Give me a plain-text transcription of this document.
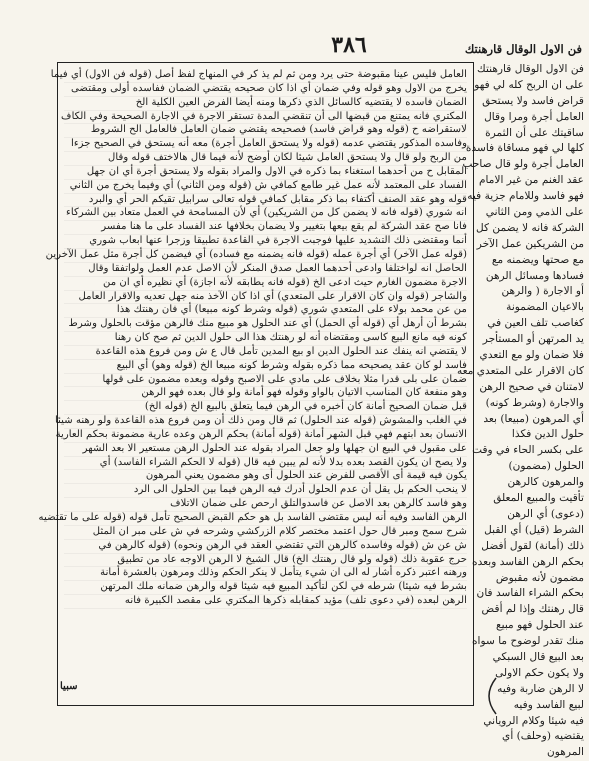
٣٨٦	فن الاول الوقال قارهنتك
العامل فليس عينا مقبوضة حتى يرد ومن ثم لم يذ كر في المنهاج لفظ أصل (قوله فن الاول) أي فيما
يخرج من الاول وهو قوله وفي ضمان أي اذا كان صحيحه يقتضي الضمان ففاسده أولى ومقتضى
الضمان فاسده لا يقتضيه كالسائل الذي ذكرها ومنه أيضا الفرض العين الكلية الخ
المكتري فانه يمتنع من قبضها الى أن تنقضي المدة تستقر الاجرة في الاجارة الصحيحة وفي الكاف
لاستقراضه ح (قوله وهو قراض فاسد) فصحيحه يقتضي ضمان العامل فالعامل الح الشروط
وفاسده المذكور يقتضي عدمه (قوله ولا يستحق العامل أجرة) معه أنه يستحق في الصحيح جزءا
من الربح ولو قال ولا يستحق العامل شيئا لكان أوضح لأنه فيما قال هالاختف قوله وقال
المقابل ح من أحدهما استغناء بما ذكره في الاول والمراد بقوله ولا يستحق أجرة أي ان جهل
الفساد على المعتمد لأنه عمل غير طامع كمافي ش (قوله ومن الثاني) أي وفيما يخرج من الثاني
قوله وهو عقد الصنف أكتفاء بما ذكر مقابل كمافي قوله تعالى سرابيل تقيكم الحر أي والبرد
انه شوري (قوله فانه لا يضمن كل من الشريكين) أي لأن المسامحة في العمل متعاد بين الشركاء
فانا صح عقد الشركة لم يقع بيعها بتغيير ولا يضمان بخلافها عند الفساد على ما هنا مفسر
أنما ومقتضى ذلك التشديد عليها فوجبت الاجرة في القاعدة تطبيقا وزجرا عنها ابعاب شوري
(قوله عمل الآخر) أي أجرة عمله (قوله فانه يضمنه مع فساده) أي فيضمن كل أجرة مثل عمل الآخرين
الحاصل انه لواختلفا وادعى أحدهما العمل صدق المنكر لأن الاصل عدم العمل ولواتفقا وقال
الاجرة مضمون الغارم حيث ادعى الخ (قوله فانه يطابقه لأنه اجازة) أي نظيره أي ان من
والشاجر (قوله وان كان الاقرار على المتعدي) أي اذا كان الآخذ منه جهل تعديه والاقرار العامل
من عن محمد بولاء على المتعدي شوري (قوله وشرط كونه مبيعا) أي فان رهنتك هذا
بشرط أن أرهل أي (قوله أي الحمل) أي عند الحلول هو مبيع منك فالرهن مؤقت بالحلول وشرط
كونه فيه مانع البيع كاسى ومقتضاه أنه لو رهنتك هذا الى حلول الدين ثم صح كان رهنا
لا يقتضي انه ينفك عند الحلول الدين او بيع المدين تأمل قال ع ش ومن فروع هذه القاعدة
فاسد لو كان عقد يصحيحه مما ذكره بقوله وشرط كونه مبيعا الخ (قوله وهو) أي البيع
ضمان على بلى قدرا مثلا بخلاف على مادي على الاصبح وقوله وبعده مضمون على قولها
وهو منفعة كان المناسب الاتيان بالواو وقوله فهو أمانة ولو قال بعده فهو الرهن
قبل ضمان الصحيح أمانة كان أخبره في الرهن فيما يتعلق بالبيع الخ (قوله الخ)
في الغلب والمشوش (قوله عند الحلول) ثم قال ومن ذلك أن ومن فروع هذه القاعدة ولو رهنه شيئا
الانسان بعد ابتهم فهي قبل الشهر أمانة (قوله أمانة) بحكم الرهن وعده عارية مضمونة بحكم العارية
على مقبول في البيع ان جهلها ولو جعل المراد بقوله عند الحلول الرهن مستعير الا بعد الشهر
ولا يصح ان يكون القصد بعده بدلا لأنه لم يبين فيه قال (قوله لا الحكم الشراء الفاسد) أي
يكون فيه قيمة أى الأقصى للفرض عند الحلول أى وهو مضمون يعني المرهون
لا ينحب الحكم بل يقل أن عدم الحلول أدرك فيه الرهن فيما بين الحلول الى الرد
وهو فاسد كالرهن بعد الاصل عن فاسدوالتلق ارحص على ضمان الاتلاف
الرهن الفاسد وفيه أنه ليس مقتضى الفاسد بل هو حكم القبض الصحيح تأمل قوله (قوله على ما تقتضيه
شرح سمح ومبر قال حول اعتمد مختصر كلام الزركشي وشرحه في ش على مبر ان المثل
ش عن ش (قوله وفاسده كالرهن التي تقتضي العقد في الرهن ونحوه) (قوله كالرهن في
حرج عقوبة ذلك (قوله ولو قال رهنتك الخ) قال الشيخ لا الرهن الاوجه عاد من تطبيق
ورهنه اعتبر ذكره أشار له الى ان شيء يتأمل لا ينكر الحكم وذلك ومرهون بالعشرة أمانة
بشرط فيه شيئا) شرطه في لكن لتأكيد المبيع فيه شيئا قوله والرهن ضمانه ملك المرتهن
الرهن لبعده (في دعوى تلف) مؤيد كمقابله ذكرها المكتري على مقصد الكبيرة فانه
فن الاول الوقال قارهنتك
على ان الربح كله لي فهو
قراض فاسد ولا يستحق
العامل أجرة ومرا وقال
ساقيتك على أن الثمرة
كلها لي فهو مساقاة فاسدة
العامل أجرة ولو قال صاحب
عقد الغنم من غير الامام
فهو فاسد وللامام جزية فيه
على الذمي ومن الثاني
الشركة فانه لا يضمن كل
من الشريكين عمل الآخر
مع صحتها ويضمنه مع
فسادها ومسائل الرهن
أو الاجارة ( والرهن
بالاعيان المضمونة
كغاصب تلف العين في
يد المرتهن أو المستأجر
فلا ضمان ولو مع التعدي
كان الاقرار على المتعدي معه
لامتنان في صحيح الرهن
والاجارة (وشرط كونه)
أي المرهون (مبيعا) بعد
حلول الدين فكذا
على بكسر الحاء في وقت
الحلول (مضمون)
والمرهون كالرهن
تأقيت والمبيع المعلق
(دعوى) أي الرهن
الشرط (قيل) أي القبل
ذلك (أمانة) لقول أفضل
بحكم الرهن الفاسد وبعده
مضمون لأنه مقبوض
بحكم الشراء الفاسد فان
قال رهنتك وإذا لم أقض
عند الحلول فهو مبيع
منك تقدر لوضوح ما سواه
بعد البيع قال السبكي
ولا يكون حكم الاولى
لا الرهن ضاربة وفيه
لبيع الفاسد وفيه
فيه شيئا وكلام الروياني
يقتضيه (وحلف) أي
المرهون
سبيا
